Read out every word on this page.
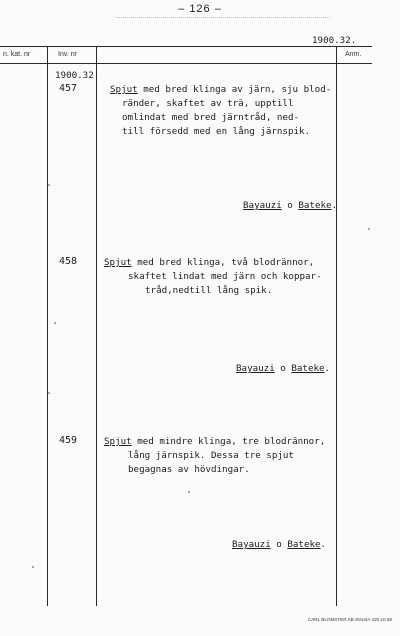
– 126 –
1900.32.
n. kat. nr	Inv. nr	Anm.
1900.32.
457	Spjut med bred klinga av järn, sju blod-
ränder, skaftet av trä, upptill
omlindat med bred järntråd, ned-
till försedd med en lång järnspik.
Bayauzi o Bateke.
458	Spjut med bred klinga, två blodrännor,
skaftet lindat med järn och koppar-
tråd,nedtill lång spik.
Bayauzi o Bateke.
459	Spjut med mindre klinga, tre blodrännor,
lång järnspik. Dessa tre spjut
begagnas av hövdingar.
Bayauzi o Bateke.
CARL BLOMSTER AB SOLNA 420 10 66
